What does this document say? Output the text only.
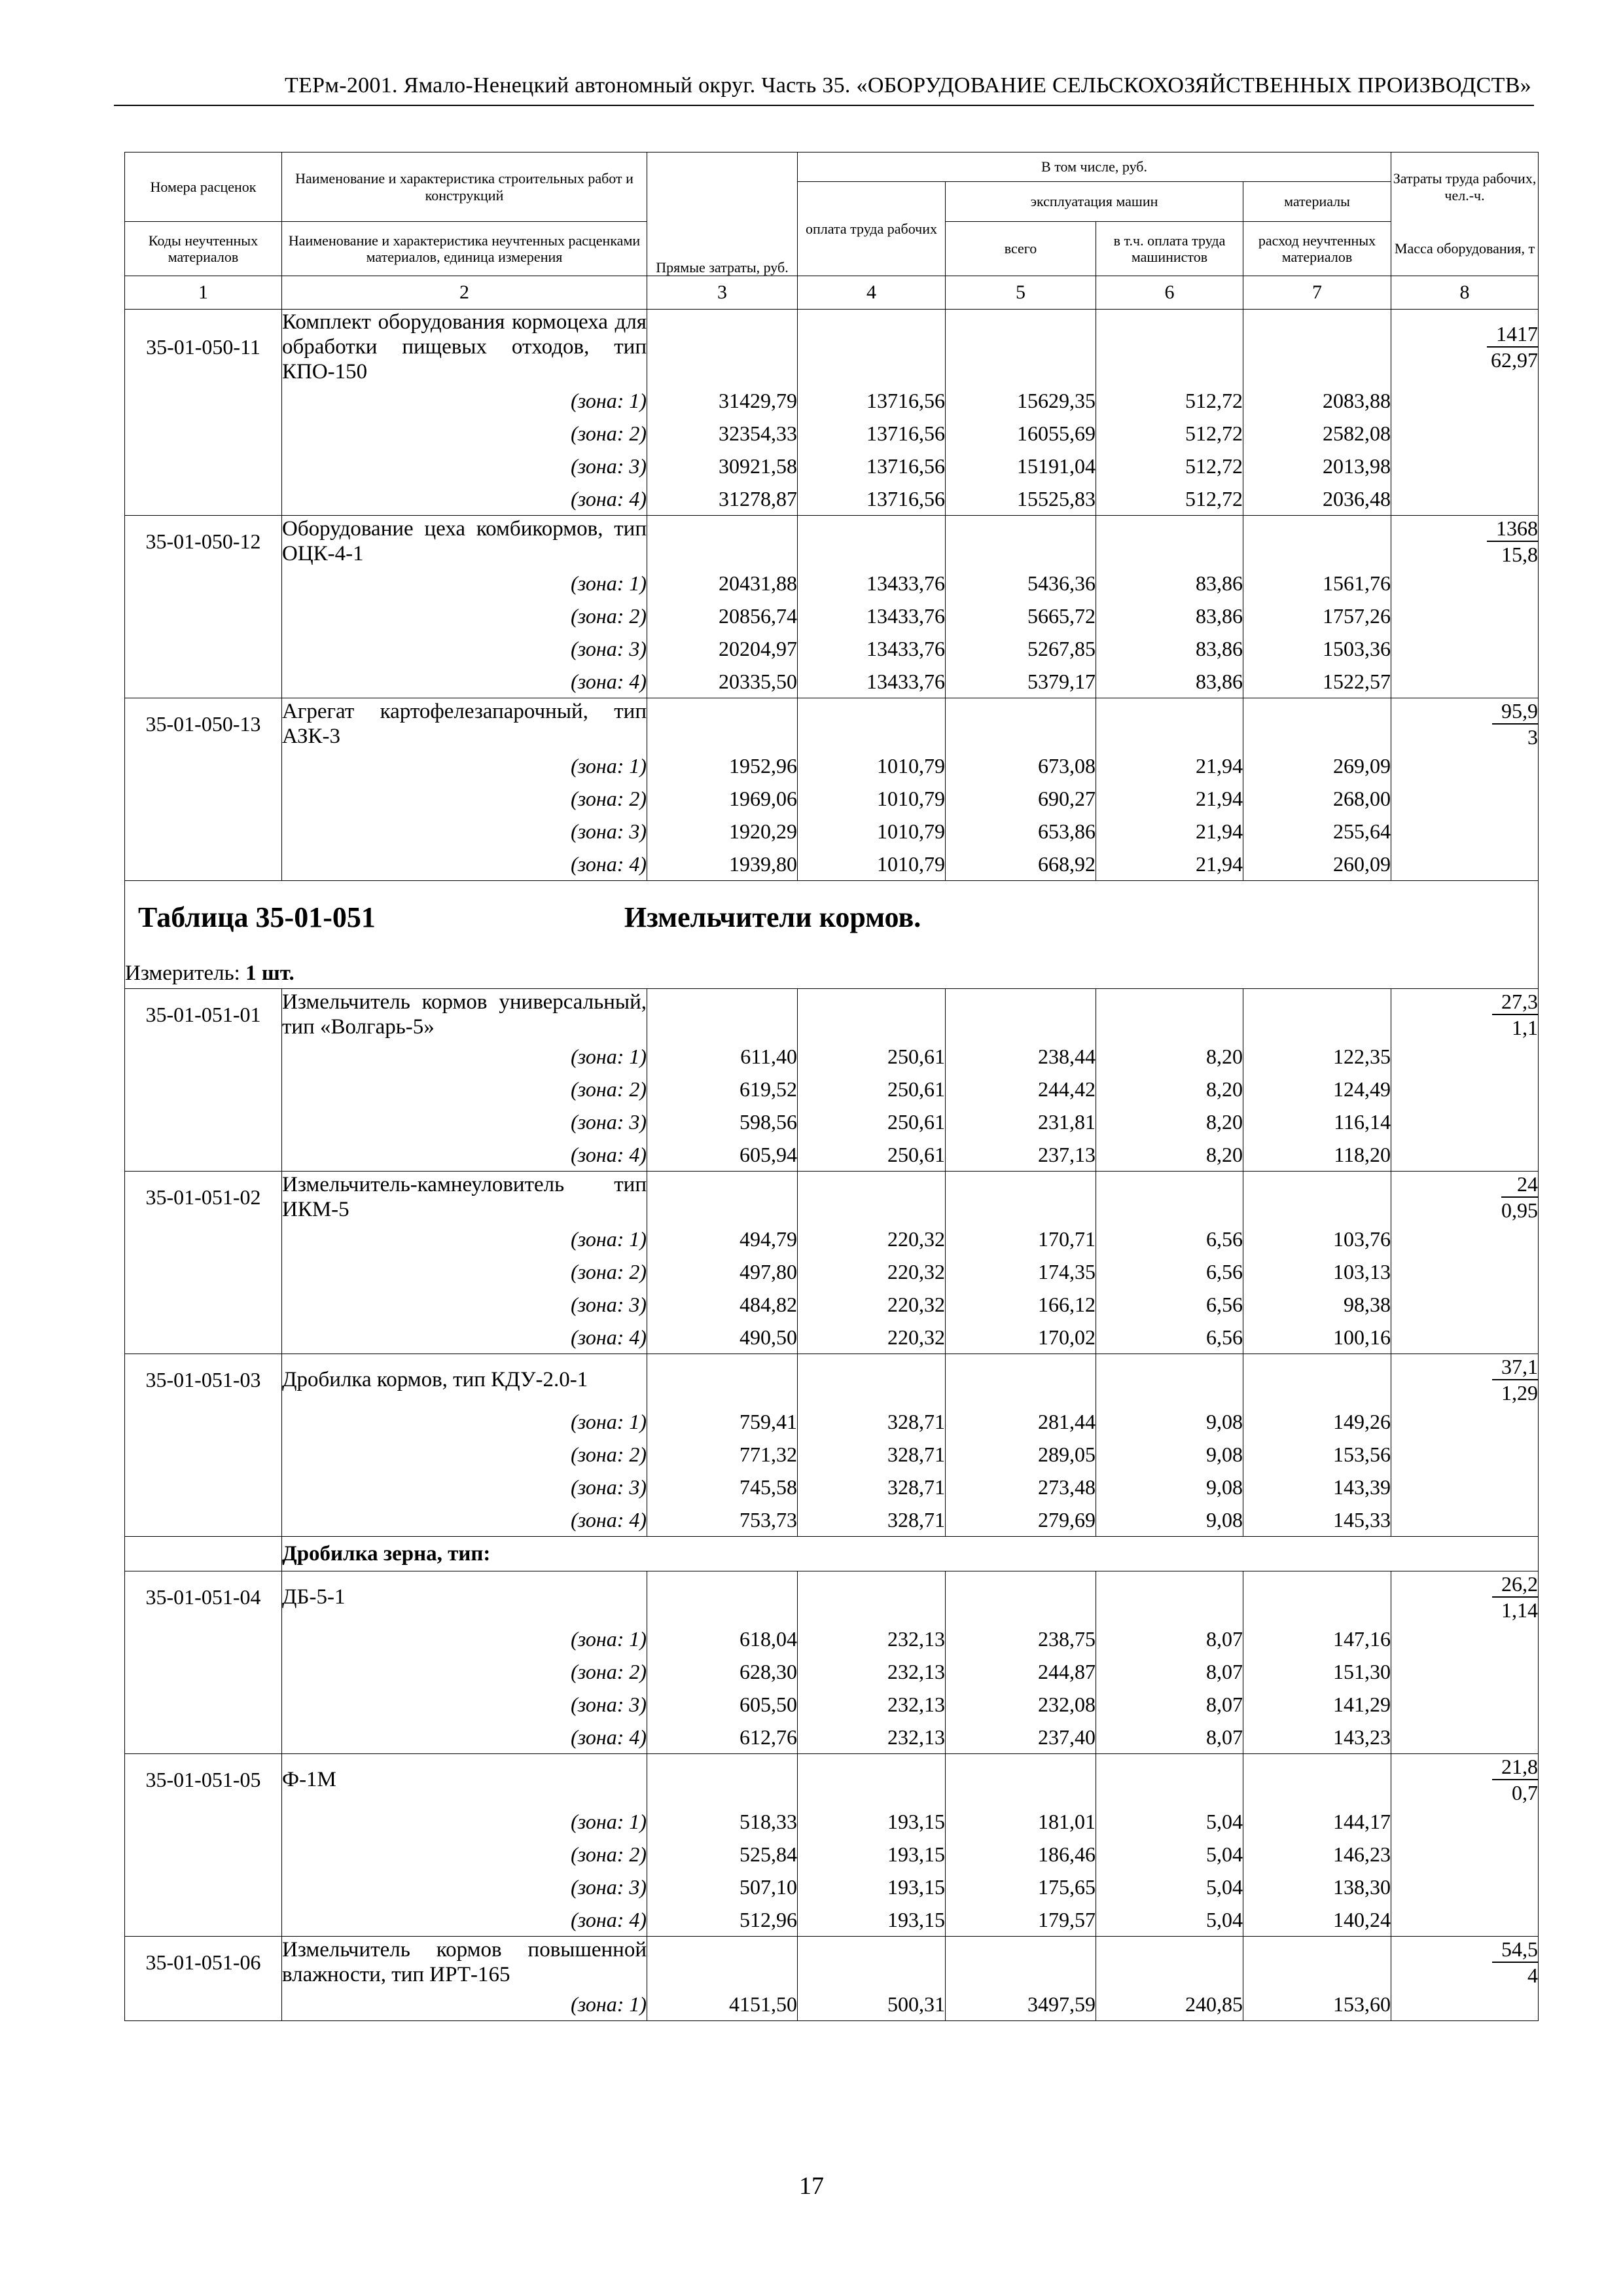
ТЕРм-2001. Ямало-Ненецкий автономный округ. Часть 35. «ОБОРУДОВАНИЕ СЕЛЬСКОХОЗЯЙСТВЕННЫХ ПРОИЗВОДСТВ»
Номера расценок	Наименование и характеристика строительных работ и конструкций	Прямые затраты, руб.	В том числе, руб.				Затраты труда рабочих, чел.-ч.
			оплата труда рабочих	эксплуатация машин		материалы	
Коды неучтенных материалов	Наименование и характеристика неучтенных расценками материалов, единица измерения			всего	в т.ч. оплата труда машинистов	расход неучтенных материалов	Масса оборудования, т
1	2	3	4	5	6	7	8
35-01-050-11	Комплект оборудования кормоцеха для обработки пищевых отходов, тип КПО-150						$\frac{1417}{62,97}$

	(зона: 1)	31429,79	13716,56	15629,35	512,72	2083,88	
	(зона: 2)	32354,33	13716,56	16055,69	512,72	2582,08	
	(зона: 3)	30921,58	13716,56	15191,04	512,72	2013,98	
	(зона: 4)	31278,87	13716,56	15525,83	512,72	2036,48	
35-01-050-12	Оборудование цеха комбикормов, тип ОЦК-4-1						$\frac{1368}{15,8}$

	(зона: 1)	20431,88	13433,76	5436,36	83,86	1561,76	
	(зона: 2)	20856,74	13433,76	5665,72	83,86	1757,26	
	(зона: 3)	20204,97	13433,76	5267,85	83,86	1503,36	
	(зона: 4)	20335,50	13433,76	5379,17	83,86	1522,57	
35-01-050-13	Агрегат картофелезапарочный, тип АЗК-3						$\frac{95,9}{3}$

	(зона: 1)	1952,96	1010,79	673,08	21,94	269,09	
	(зона: 2)	1969,06	1010,79	690,27	21,94	268,00	
	(зона: 3)	1920,29	1010,79	653,86	21,94	255,64	
	(зона: 4)	1939,80	1010,79	668,92	21,94	260,09	
Таблица 35-01-051 Измельчители кормов.							
Измеритель: 1 шт.							
35-01-051-01	Измельчитель кормов универсальный, тип «Волгарь-5»						$\frac{27,3}{1,1}$

	(зона: 1)	611,40	250,61	238,44	8,20	122,35	
	(зона: 2)	619,52	250,61	244,42	8,20	124,49	
	(зона: 3)	598,56	250,61	231,81	8,20	116,14	
	(зона: 4)	605,94	250,61	237,13	8,20	118,20	
35-01-051-02	Измельчитель-камнеуловитель тип ИКМ-5						$\frac{24}{0,95}$

	(зона: 1)	494,79	220,32	170,71	6,56	103,76	
	(зона: 2)	497,80	220,32	174,35	6,56	103,13	
	(зона: 3)	484,82	220,32	166,12	6,56	98,38	
	(зона: 4)	490,50	220,32	170,02	6,56	100,16	
35-01-051-03	Дробилка кормов, тип КДУ-2.0-1						$\frac{37,1}{1,29}$

	(зона: 1)	759,41	328,71	281,44	9,08	149,26	
	(зона: 2)	771,32	328,71	289,05	9,08	153,56	
	(зона: 3)	745,58	328,71	273,48	9,08	143,39	
	(зона: 4)	753,73	328,71	279,69	9,08	145,33	
	Дробилка зерна, тип:						
35-01-051-04	ДБ-5-1						$\frac{26,2}{1,14}$

	(зона: 1)	618,04	232,13	238,75	8,07	147,16	
	(зона: 2)	628,30	232,13	244,87	8,07	151,30	
	(зона: 3)	605,50	232,13	232,08	8,07	141,29	
	(зона: 4)	612,76	232,13	237,40	8,07	143,23	
35-01-051-05	Ф-1М						$\frac{21,8}{0,7}$

	(зона: 1)	518,33	193,15	181,01	5,04	144,17	
	(зона: 2)	525,84	193,15	186,46	5,04	146,23	
	(зона: 3)	507,10	193,15	175,65	5,04	138,30	
	(зона: 4)	512,96	193,15	179,57	5,04	140,24	
35-01-051-06	Измельчитель кормов повышенной влажности, тип ИРТ-165						$\frac{54,5}{4}$

	(зона: 1)	4151,50	500,31	3497,59	240,85	153,60	
17
